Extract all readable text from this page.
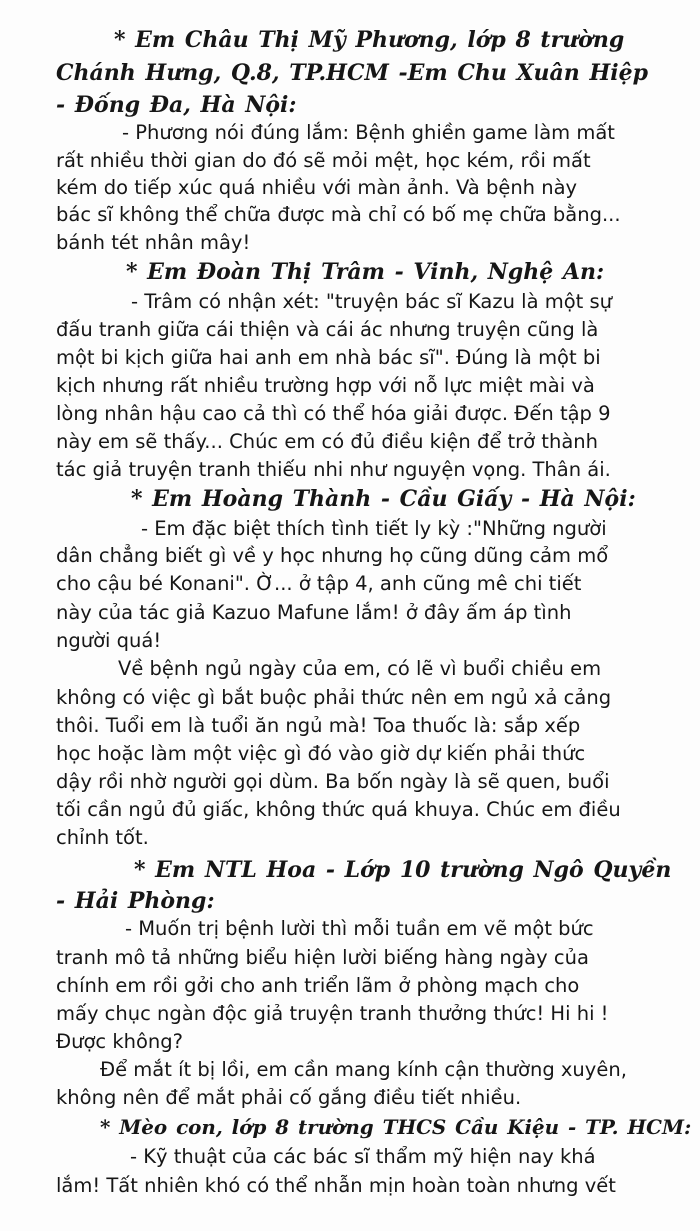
* Em Châu Thị Mỹ Phương, lớp 8 trường

Chánh Hưng, Q.8, TP.HCM -Em Chu Xuân Hiệp

- Đống Đa, Hà Nội:

- Phương nói đúng lắm: Bệnh ghiền game làm mất

rất nhiều thời gian do đó sẽ mỏi mệt, học kém, rồi mất

kém do tiếp xúc quá nhiều với màn ảnh. Và bệnh này

bác sĩ không thể chữa được mà chỉ có bố mẹ chữa bằng...

bánh tét nhân mây!

* Em Đoàn Thị Trâm - Vinh, Nghệ An:

- Trâm có nhận xét: "truyện bác sĩ Kazu là một sự

đấu tranh giữa cái thiện và cái ác nhưng truyện cũng là

một bi kịch giữa hai anh em nhà bác sĩ". Đúng là một bi

kịch nhưng rất nhiều trường hợp với nỗ lực miệt mài và

lòng nhân hậu cao cả thì có thể hóa giải được. Đến tập 9

này em sẽ thấy... Chúc em có đủ điều kiện để trở thành

tác giả truyện tranh thiếu nhi như nguyện vọng. Thân ái.

* Em Hoàng Thành - Cầu Giấy - Hà Nội:

- Em đặc biệt thích tình tiết ly kỳ :"Những người

dân chẳng biết gì về y học nhưng họ cũng dũng cảm mổ

cho cậu bé Konani". Ờ... ở tập 4, anh cũng mê chi tiết

này của tác giả Kazuo Mafune lắm! ở đây ấm áp tình

người quá!

Về bệnh ngủ ngày của em, có lẽ vì buổi chiều em

không có việc gì bắt buộc phải thức nên em ngủ xả cảng

thôi. Tuổi em là tuổi ăn ngủ mà! Toa thuốc là: sắp xếp

học hoặc làm một việc gì đó vào giờ dự kiến phải thức

dậy rồi nhờ người gọi dùm. Ba bốn ngày là sẽ quen, buổi

tối cần ngủ đủ giấc, không thức quá khuya. Chúc em điều

chỉnh tốt.

* Em NTL Hoa - Lớp 10 trường Ngô Quyền

- Hải Phòng:

- Muốn trị bệnh lười thì mỗi tuần em vẽ một bức

tranh mô tả những biểu hiện lười biếng hàng ngày của

chính em rồi gởi cho anh triển lãm ở phòng mạch cho

mấy chục ngàn độc giả truyện tranh thưởng thức! Hi hi !

Được không?

Để mắt ít bị lồi, em cần mang kính cận thường xuyên,

không nên để mắt phải cố gắng điều tiết nhiều.

* Mèo con, lớp 8 trường THCS Cầu Kiệu - TP. HCM:

- Kỹ thuật của các bác sĩ thẩm mỹ hiện nay khá

lắm! Tất nhiên khó có thể nhẫn mịn hoàn toàn nhưng vết
